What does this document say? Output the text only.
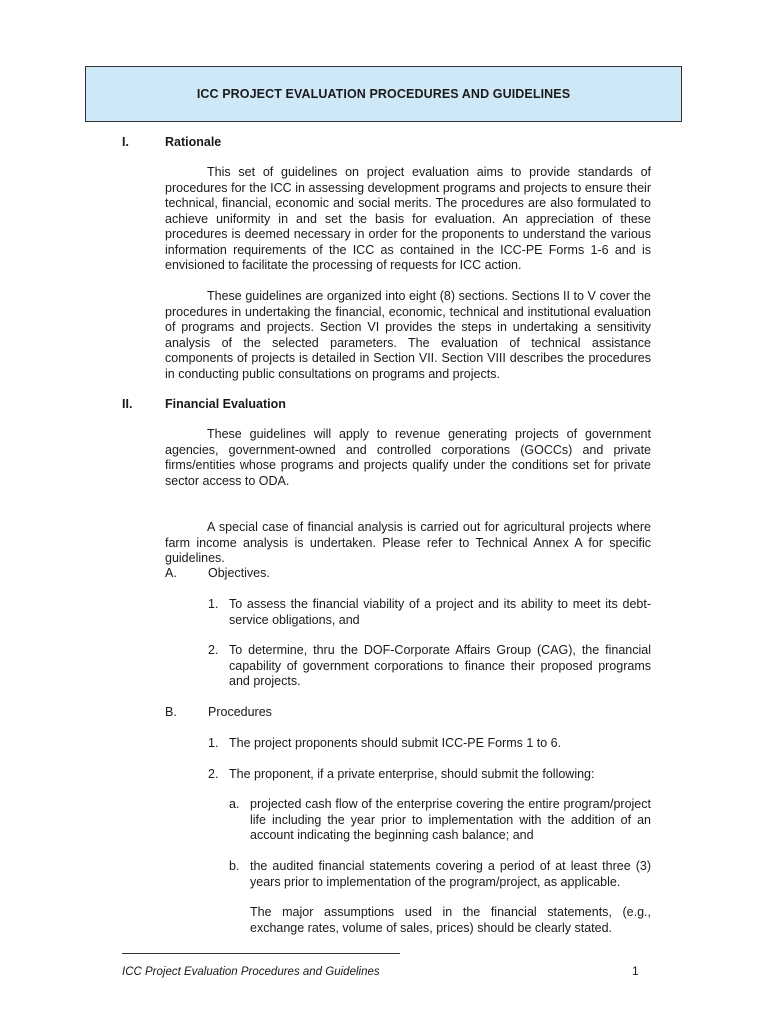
ICC PROJECT EVALUATION PROCEDURES AND GUIDELINES
I.	Rationale

This set of guidelines on project evaluation aims to provide standards of procedures for the ICC in assessing development programs and projects to ensure their technical, financial, economic and social merits. The procedures are also formulated to achieve uniformity in and set the basis for evaluation. An appreciation of these procedures is deemed necessary in order for the proponents to understand the various information requirements of the ICC as contained in the ICC-PE Forms 1-6 and is envisioned to facilitate the processing of requests for ICC action.

These guidelines are organized into eight (8) sections. Sections II to V cover the procedures in undertaking the financial, economic, technical and institutional evaluation of programs and projects. Section VI provides the steps in undertaking a sensitivity analysis of the selected parameters. The evaluation of technical assistance components of projects is detailed in Section VII. Section VIII describes the procedures in conducting public consultations on programs and projects.

II.	Financial Evaluation

These guidelines will apply to revenue generating projects of government agencies, government-owned and controlled corporations (GOCCs) and private firms/entities whose programs and projects qualify under the conditions set for private sector access to ODA.

A special case of financial analysis is carried out for agricultural projects where farm income analysis is undertaken. Please refer to Technical Annex A for specific guidelines.

A. Objectives.
1. To assess the financial viability of a project and its ability to meet its debt-service obligations, and

2. To determine, thru the DOF-Corporate Affairs Group (CAG), the financial capability of government corporations to finance their proposed programs and projects.

B. Procedures
1. The project proponents should submit ICC-PE Forms 1 to 6.

2. The proponent, if a private enterprise, should submit the following:

a. projected cash flow of the enterprise covering the entire program/project life including the year prior to implementation with the addition of an account indicating the beginning cash balance; and

b. the audited financial statements covering a period of at least three (3) years prior to implementation of the program/project, as applicable.

The major assumptions used in the financial statements, (e.g., exchange rates, volume of sales, prices) should be clearly stated.

ICC Project Evaluation Procedures and Guidelines	1
